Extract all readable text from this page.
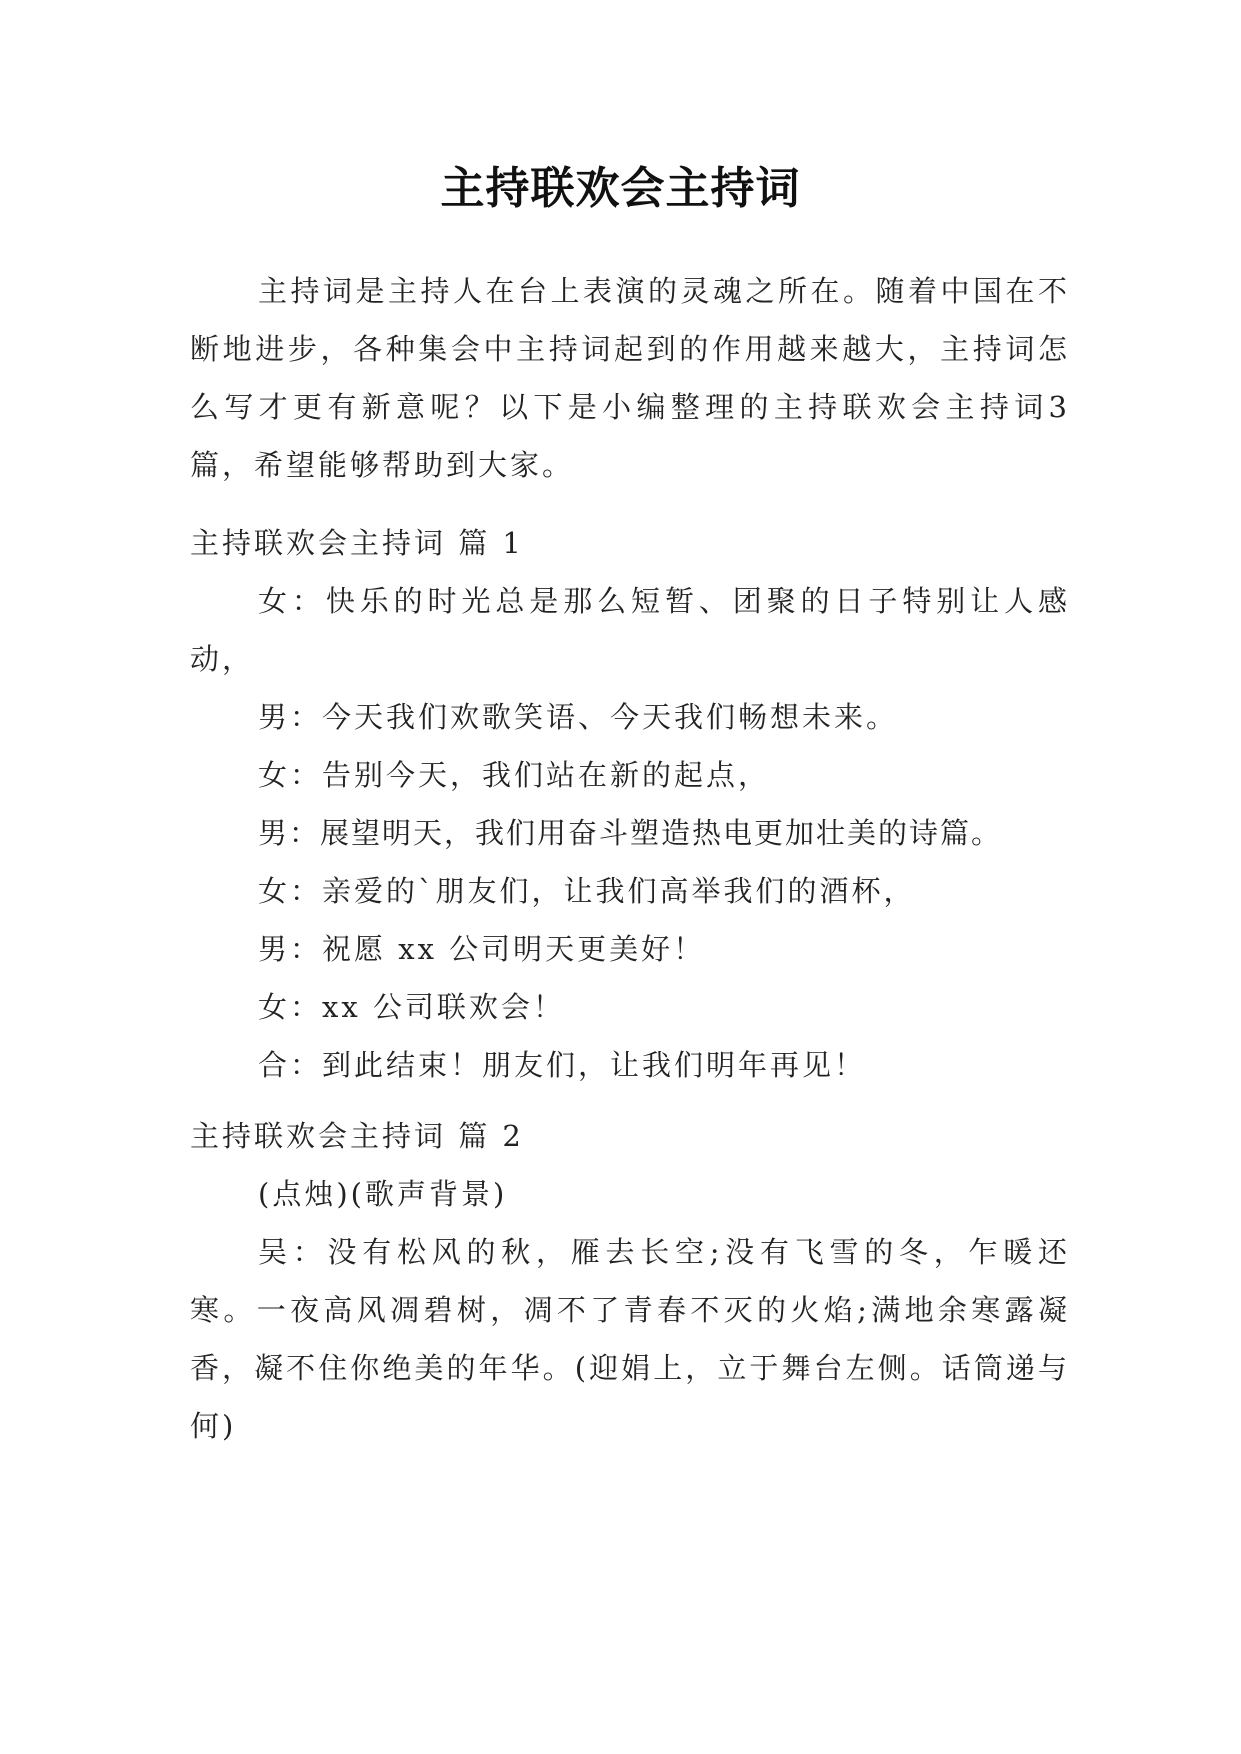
主持联欢会主持词
主持词是主持人在台上表演的灵魂之所在。随着中国在不断地进步，各种集会中主持词起到的作用越来越大，主持词怎么写才更有新意呢？以下是小编整理的主持联欢会主持词3篇，希望能够帮助到大家。

主持联欢会主持词 篇 1

女：快乐的时光总是那么短暂、团聚的日子特别让人感动，

男：今天我们欢歌笑语、今天我们畅想未来。

女：告别今天，我们站在新的起点，

男：展望明天，我们用奋斗塑造热电更加壮美的诗篇。

女：亲爱的`朋友们，让我们高举我们的酒杯，

男：祝愿 xx 公司明天更美好！

女：xx 公司联欢会！

合：到此结束！朋友们，让我们明年再见！

主持联欢会主持词 篇 2

(点烛)(歌声背景)

吴：没有松风的秋，雁去长空;没有飞雪的冬，乍暖还寒。一夜高风凋碧树，凋不了青春不灭的火焰;满地余寒露凝香，凝不住你绝美的年华。(迎娟上，立于舞台左侧。话筒递与何)
